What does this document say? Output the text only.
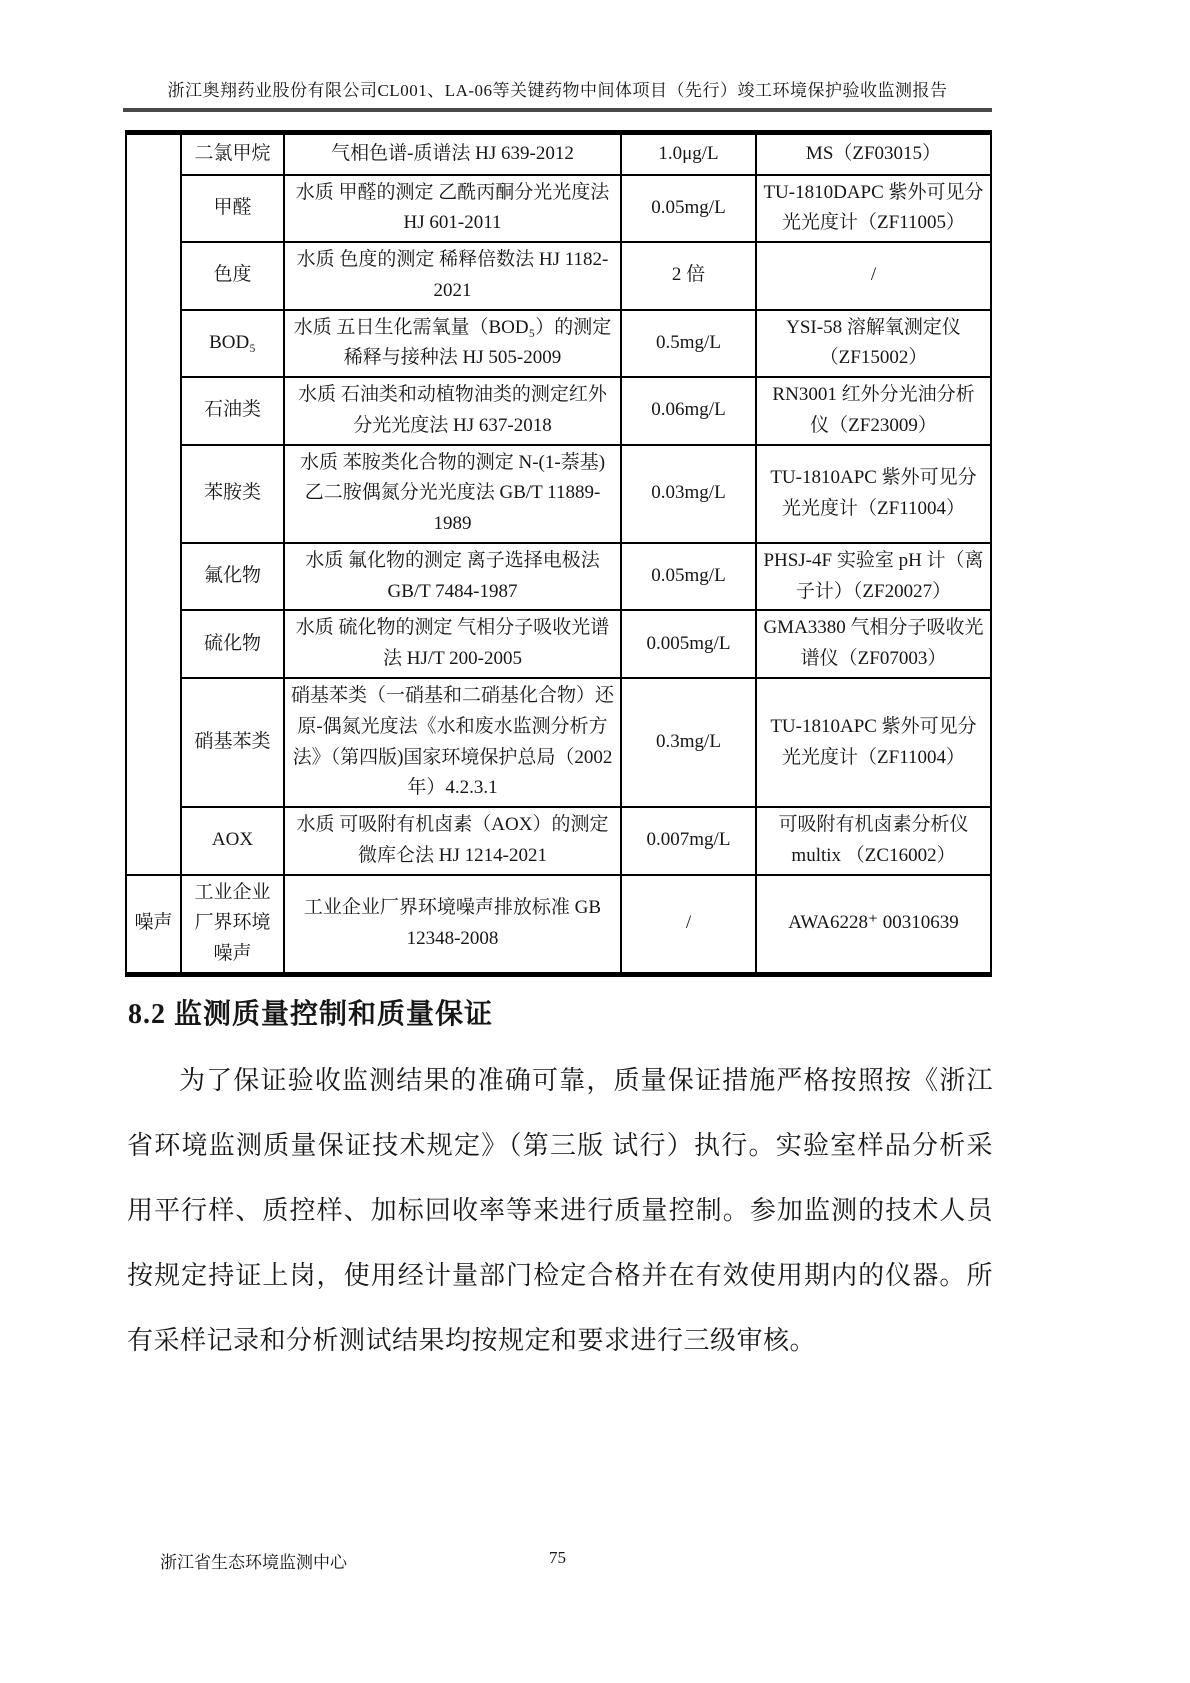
浙江奥翔药业股份有限公司CL001、LA-06等关键药物中间体项目（先行）竣工环境保护验收监测报告
	二氯甲烷	气相色谱-质谱法 HJ 639-2012	1.0μg/L	MS（ZF03015）
	甲醛	水质 甲醛的测定 乙酰丙酮分光光度法 HJ 601-2011	0.05mg/L	TU-1810DAPC 紫外可见分光光度计（ZF11005）
	色度	水质 色度的测定 稀释倍数法 HJ 1182-2021	2 倍	/
	BOD₅	水质 五日生化需氧量（BOD₅）的测定 稀释与接种法 HJ 505-2009	0.5mg/L	YSI-58 溶解氧测定仪（ZF15002）
	石油类	水质 石油类和动植物油类的测定红外分光光度法 HJ 637-2018	0.06mg/L	RN3001 红外分光油分析仪（ZF23009）
	苯胺类	水质 苯胺类化合物的测定 N-(1-萘基)乙二胺偶氮分光光度法 GB/T 11889-1989	0.03mg/L	TU-1810APC 紫外可见分光光度计（ZF11004）
	氟化物	水质 氟化物的测定 离子选择电极法 GB/T 7484-1987	0.05mg/L	PHSJ-4F 实验室 pH 计（离子计）（ZF20027）
	硫化物	水质 硫化物的测定 气相分子吸收光谱法 HJ/T 200-2005	0.005mg/L	GMA3380 气相分子吸收光谱仪（ZF07003）
	硝基苯类	硝基苯类（一硝基和二硝基化合物）还原-偶氮光度法《水和废水监测分析方法》（第四版)国家环境保护总局（2002 年）4.2.3.1	0.3mg/L	TU-1810APC 紫外可见分光光度计（ZF11004）
	AOX	水质 可吸附有机卤素（AOX）的测定 微库仑法 HJ 1214-2021	0.007mg/L	可吸附有机卤素分析仪 multix （ZC16002）
噪声	工业企业厂界环境噪声	工业企业厂界环境噪声排放标准 GB 12348-2008	/	AWA6228⁺ 00310639
8.2 监测质量控制和质量保证
为了保证验收监测结果的准确可靠，质量保证措施严格按照按《浙江省环境监测质量保证技术规定》（第三版 试行）执行。实验室样品分析采用平行样、质控样、加标回收率等来进行质量控制。参加监测的技术人员按规定持证上岗，使用经计量部门检定合格并在有效使用期内的仪器。所有采样记录和分析测试结果均按规定和要求进行三级审核。
75
浙江省生态环境监测中心
